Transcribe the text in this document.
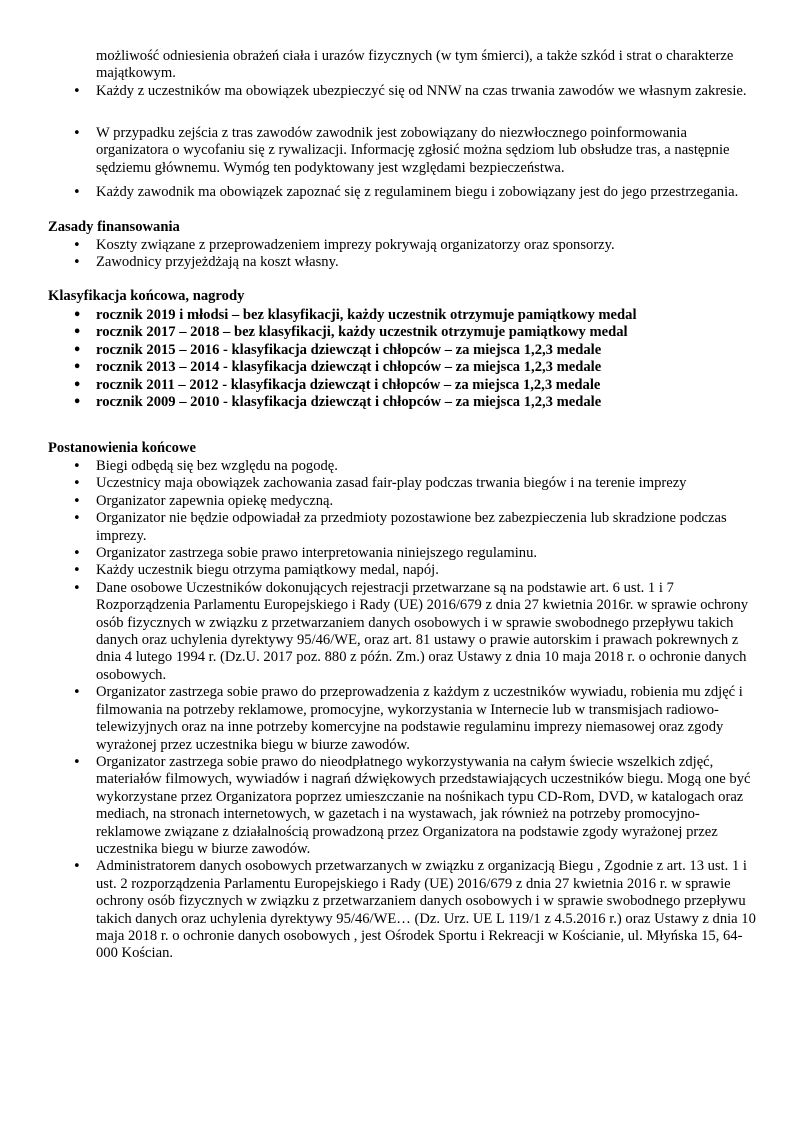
możliwość odniesienia obrażeń ciała i urazów fizycznych (w tym śmierci), a także szkód i strat o charakterze majątkowym.

• Każdy z uczestników ma obowiązek ubezpieczyć się od NNW na czas trwania zawodów we własnym zakresie.
• W przypadku zejścia z tras zawodów zawodnik jest zobowiązany do niezwłocznego poinformowania organizatora o wycofaniu się z rywalizacji. Informację zgłosić można sędziom lub obsłudze tras, a następnie sędziemu głównemu. Wymóg ten podyktowany jest względami bezpieczeństwa.
• Każdy zawodnik ma obowiązek zapoznać się z regulaminem biegu i zobowiązany jest do jego przestrzegania.

Zasady finansowania

• Koszty związane z przeprowadzeniem imprezy pokrywają organizatorzy oraz sponsorzy.
• Zawodnicy przyjeżdżają na koszt własny.

Klasyfikacja końcowa, nagrody

• rocznik 2019 i młodsi – bez klasyfikacji, każdy uczestnik otrzymuje pamiątkowy medal
• rocznik 2017 – 2018 – bez klasyfikacji, każdy uczestnik otrzymuje pamiątkowy medal
• rocznik 2015 – 2016 - klasyfikacja dziewcząt i chłopców – za miejsca 1,2,3 medale
• rocznik 2013 – 2014 - klasyfikacja dziewcząt i chłopców – za miejsca 1,2,3 medale
• rocznik 2011 – 2012 - klasyfikacja dziewcząt i chłopców – za miejsca 1,2,3 medale
• rocznik 2009 – 2010 - klasyfikacja dziewcząt i chłopców – za miejsca 1,2,3 medale

Postanowienia końcowe

• Biegi odbędą się bez względu na pogodę.
• Uczestnicy maja obowiązek zachowania zasad fair-play podczas trwania biegów i na terenie imprezy
• Organizator zapewnia opiekę medyczną.
• Organizator nie będzie odpowiadał za przedmioty pozostawione bez zabezpieczenia lub skradzione podczas imprezy.
• Organizator zastrzega sobie prawo interpretowania niniejszego regulaminu.
• Każdy uczestnik biegu otrzyma pamiątkowy medal, napój.
• Dane osobowe Uczestników dokonujących rejestracji przetwarzane są na podstawie art. 6 ust. 1 i 7 Rozporządzenia Parlamentu Europejskiego i Rady (UE) 2016/679 z dnia 27 kwietnia 2016r. w sprawie ochrony osób fizycznych w związku z przetwarzaniem danych osobowych i w sprawie swobodnego przepływu takich danych oraz uchylenia dyrektywy 95/46/WE, oraz art. 81 ustawy o prawie autorskim i prawach pokrewnych z dnia 4 lutego 1994 r. (Dz.U. 2017 poz. 880 z późn. Zm.) oraz Ustawy z dnia 10 maja 2018 r. o ochronie danych osobowych.
• Organizator zastrzega sobie prawo do przeprowadzenia z każdym z uczestników wywiadu, robienia mu zdjęć i filmowania na potrzeby reklamowe, promocyjne, wykorzystania w Internecie lub w transmisjach radiowo-telewizyjnych oraz na inne potrzeby komercyjne na podstawie regulaminu imprezy niemasowej oraz zgody wyrażonej przez uczestnika biegu w biurze zawodów.
• Organizator zastrzega sobie prawo do nieodpłatnego wykorzystywania na całym świecie wszelkich zdjęć, materiałów filmowych, wywiadów i nagrań dźwiękowych przedstawiających uczestników biegu. Mogą one być wykorzystane przez Organizatora poprzez umieszczanie na nośnikach typu CD-Rom, DVD, w katalogach oraz mediach, na stronach internetowych, w gazetach i na wystawach, jak również na potrzeby promocyjno-reklamowe związane z działalnością prowadzoną przez Organizatora na podstawie zgody wyrażonej przez uczestnika biegu w biurze zawodów.
• Administratorem danych osobowych przetwarzanych w związku z organizacją Biegu , Zgodnie z art. 13 ust. 1 i ust. 2 rozporządzenia Parlamentu Europejskiego i Rady (UE) 2016/679 z dnia 27 kwietnia 2016 r. w sprawie ochrony osób fizycznych w związku z przetwarzaniem danych osobowych i w sprawie swobodnego przepływu takich danych oraz uchylenia dyrektywy 95/46/WE… (Dz. Urz. UE L 119/1 z 4.5.2016 r.) oraz Ustawy z dnia 10 maja 2018 r. o ochronie danych osobowych , jest Ośrodek Sportu i Rekreacji w Kościanie, ul. Młyńska 15, 64-000 Kościan.
